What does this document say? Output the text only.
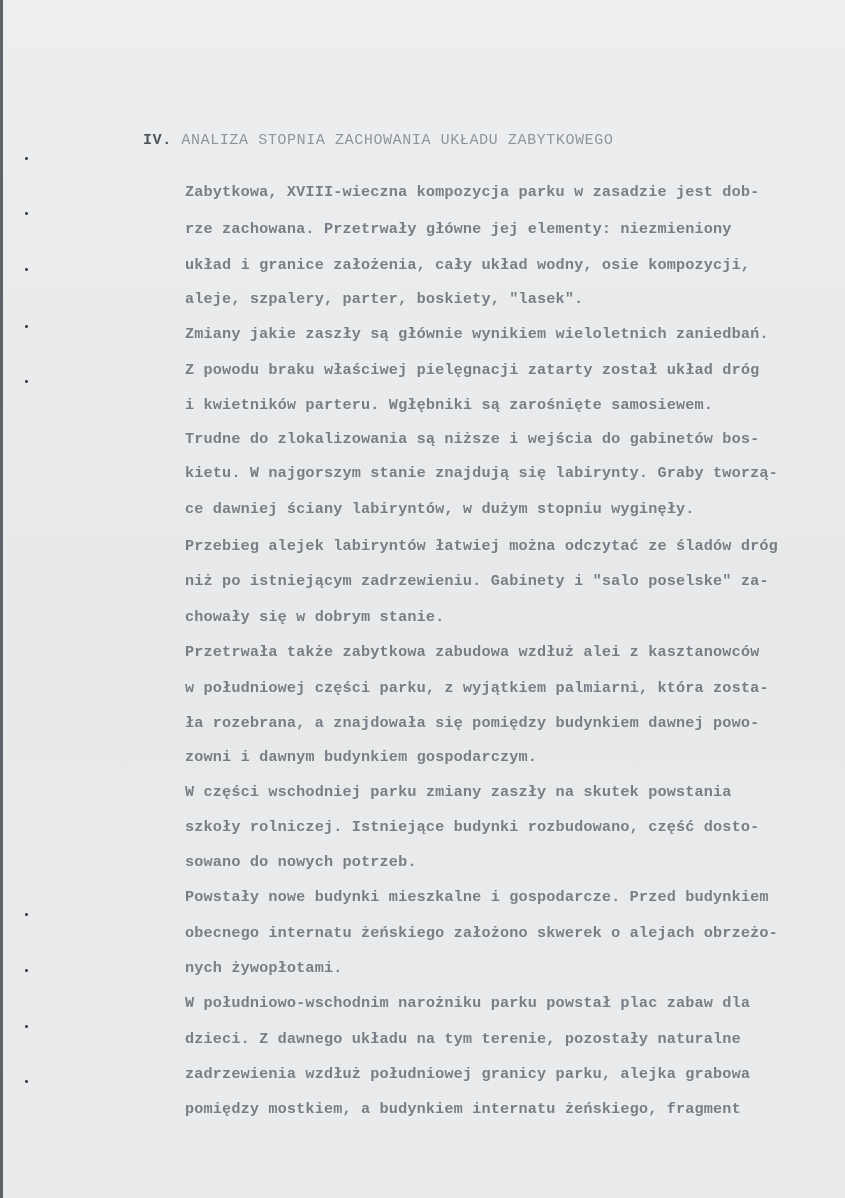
IV. ANALIZA STOPNIA ZACHOWANIA UKŁADU ZABYTKOWEGO
Zabytkowa, XVIII-wieczna kompozycja parku w zasadzie jest dob-
rze zachowana. Przetrwały główne jej elementy: niezmieniony
układ i granice założenia, cały układ wodny, osie kompozycji,
aleje, szpalery, parter, boskiety, "lasek".
Zmiany jakie zaszły są głównie wynikiem wieloletnich zaniedbań.
Z powodu braku właściwej pielęgnacji zatarty został układ dróg
i kwietników parteru. Wgłębniki są zarośnięte samosiewem.
Trudne do zlokalizowania są niższe i wejścia do gabinetów bos-
kietu. W najgorszym stanie znajdują się labirynty. Graby tworzą-
ce dawniej ściany labiryntów, w dużym stopniu wyginęły.
Przebieg alejek labiryntów łatwiej można odczytać ze śladów dróg
niż po istniejącym zadrzewieniu. Gabinety i "salo poselske" za-
chowały się w dobrym stanie.
Przetrwała także zabytkowa zabudowa wzdłuż alei z kasztanowców
w południowej części parku, z wyjątkiem palmiarni, która zosta-
ła rozebrana, a znajdowała się pomiędzy budynkiem dawnej powo-
zowni i dawnym budynkiem gospodarczym.
W części wschodniej parku zmiany zaszły na skutek powstania
szkoły rolniczej. Istniejące budynki rozbudowano, część dosto-
sowano do nowych potrzeb.
Powstały nowe budynki mieszkalne i gospodarcze. Przed budynkiem
obecnego internatu żeńskiego założono skwerek o alejach obrzeżo-
nych żywopłotami.
W południowo-wschodnim narożniku parku powstał plac zabaw dla
dzieci. Z dawnego układu na tym terenie, pozostały naturalne
zadrzewienia wzdłuż południowej granicy parku, alejka grabowa
pomiędzy mostkiem, a budynkiem internatu żeńskiego, fragment
